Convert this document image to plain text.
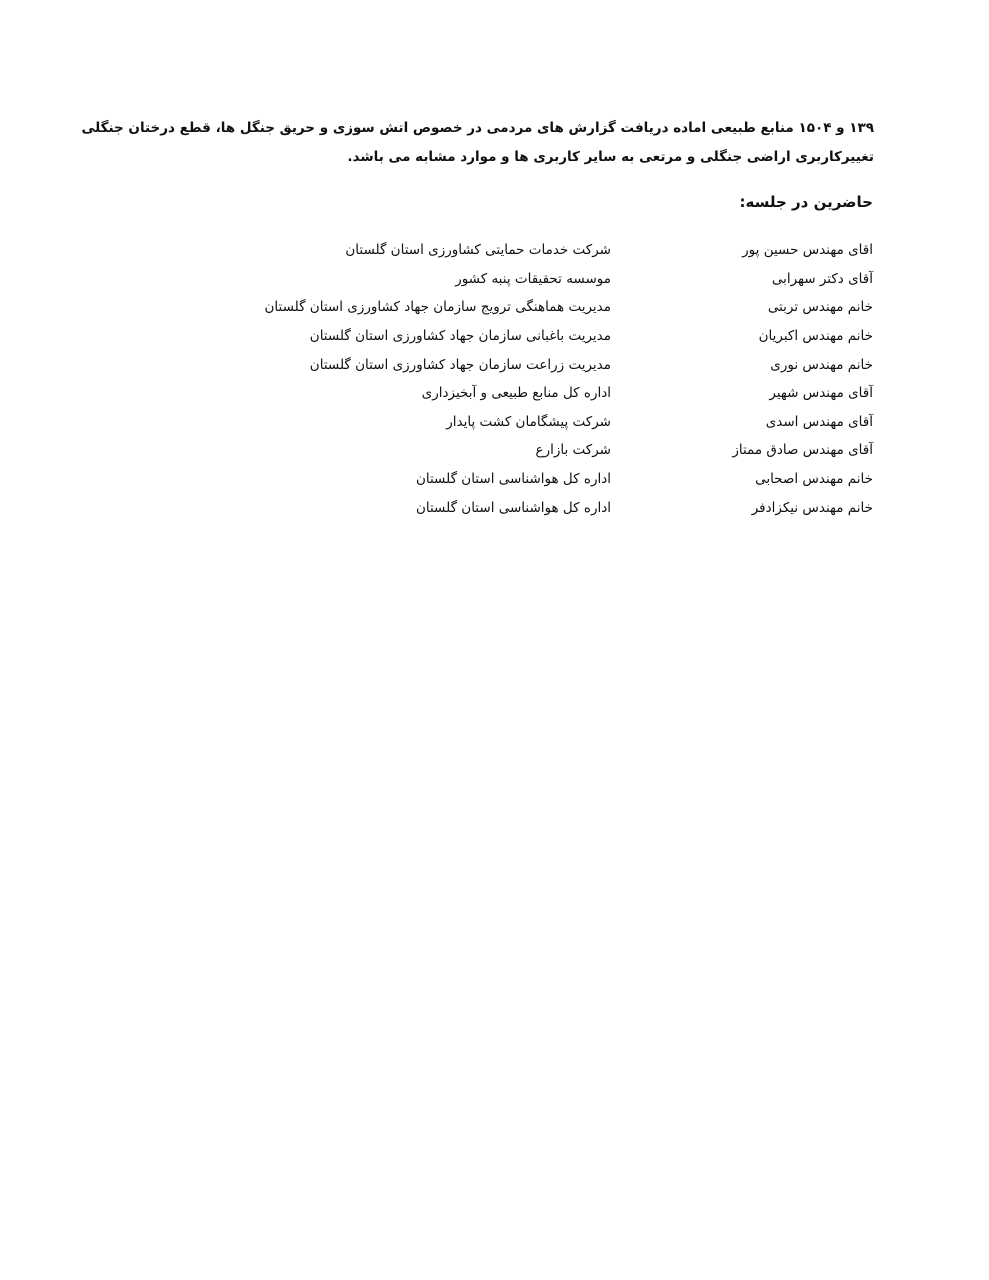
۱۳۹ و ۱۵۰۴ منابع طبیعی اماده دریافت گزارش های مردمی در خصوص اتش سوزی و حریق جنگل ها، قطع درختان جنگلی
تغییرکاربری اراضی جنگلی و مرتعی به سایر کاربری ها و موارد مشابه می باشد.
حاضرین در جلسه:
اقای مهندس حسین پور
شرکت خدمات حمایتی کشاورزی استان گلستان
آقای دکتر سهرابی
موسسه تحقیقات پنبه کشور
خانم مهندس تربتی
مدیریت هماهنگی ترویج سازمان جهاد کشاورزی استان گلستان
خانم مهندس اکبریان
مدیریت باغبانی سازمان جهاد کشاورزی استان گلستان
خانم مهندس نوری
مدیریت زراعت سازمان جهاد کشاورزی استان گلستان
آقای مهندس شهیر
اداره کل منابع طبیعی و آبخیزداری
آقای مهندس اسدی
شرکت پیشگامان کشت پایدار
آقای مهندس صادق ممتاز
شرکت بازارع
خانم مهندس اصحابی
اداره کل هواشناسی استان گلستان
خانم مهندس نیکزادفر
اداره کل هواشناسی استان گلستان
